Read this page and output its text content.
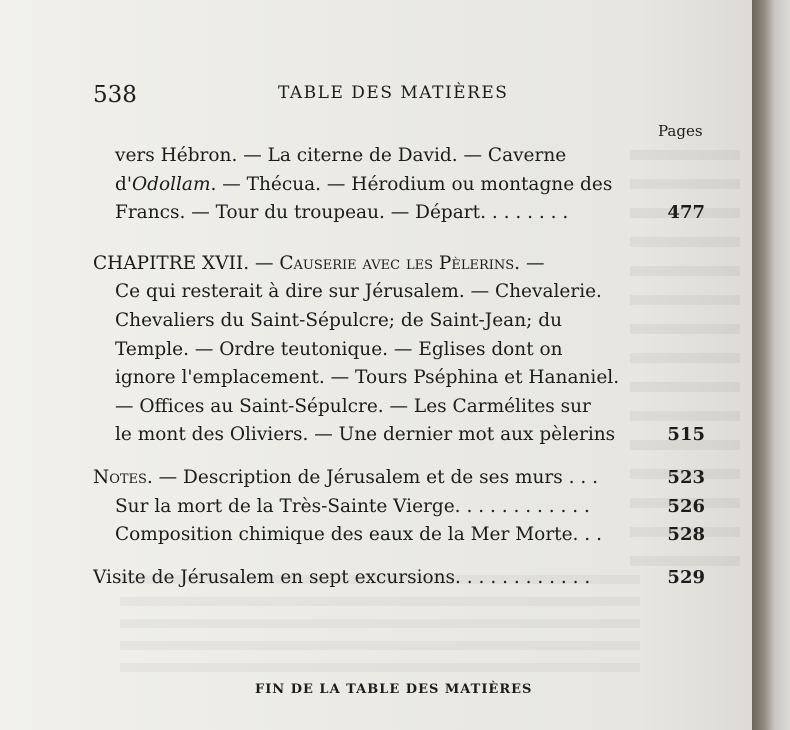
538	TABLE DES MATIÈRES
Pages
vers Hébron. — La citerne de David. — Caverne
d'Odollam. — Thécua. — Hérodium ou montagne des
Francs. — Tour du troupeau. — Départ. . . . . . . .	477
CHAPITRE XVII. — Causerie avec les Pèlerins. —
Ce qui resterait à dire sur Jérusalem. — Chevalerie.
Chevaliers du Saint-Sépulcre; de Saint-Jean; du
Temple. — Ordre teutonique. — Eglises dont on
ignore l'emplacement. — Tours Pséphina et Hananiel.
— Offices au Saint-Sépulcre. — Les Carmélites sur
le mont des Oliviers. — Une dernier mot aux pèlerins	515
Notes. — Description de Jérusalem et de ses murs . . .	523
Sur la mort de la Très-Sainte Vierge. . . . . . . . . . . .	526
Composition chimique des eaux de la Mer Morte. . .	528
Visite de Jérusalem en sept excursions. . . . . . . . . . . .	529
FIN DE LA TABLE DES MATIÈRES
